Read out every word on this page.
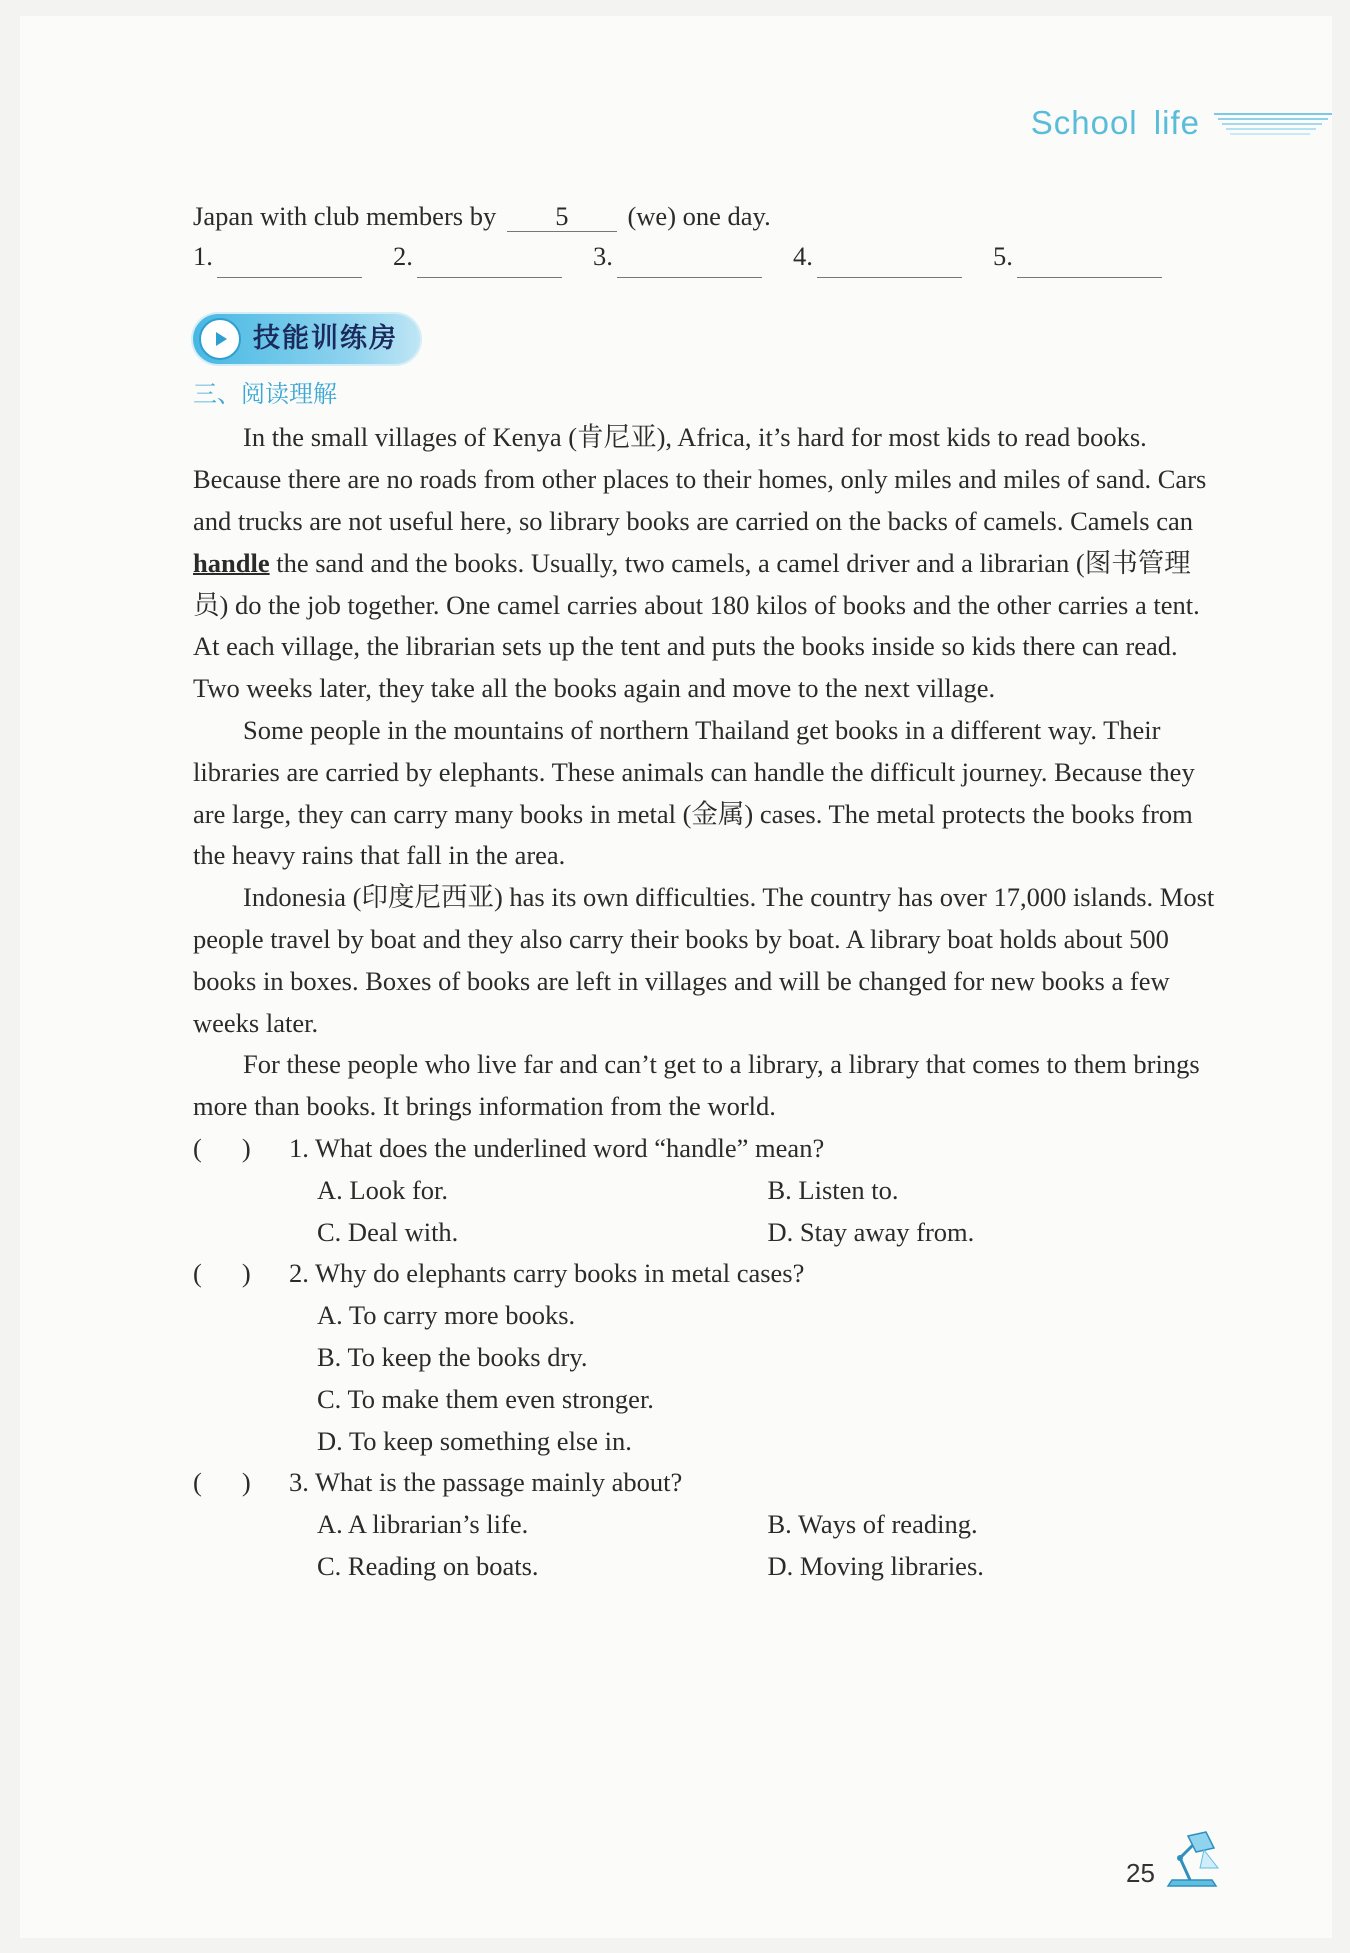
School life
Japan with club members by 5 (we) one day.
1.	2.	3.	4.	5.
技能训练房
三、阅读理解

In the small villages of Kenya (肯尼亚), Africa, it’s hard for most kids to read books. Because there are no roads from other places to their homes, only miles and miles of sand. Cars and trucks are not useful here, so library books are carried on the backs of camels. Camels can handle the sand and the books. Usually, two camels, a camel driver and a librarian (图书管理员) do the job together. One camel carries about 180 kilos of books and the other carries a tent. At each village, the librarian sets up the tent and puts the books inside so kids there can read. Two weeks later, they take all the books again and move to the next village.

Some people in the mountains of northern Thailand get books in a different way. Their libraries are carried by elephants. These animals can handle the difficult journey. Because they are large, they can carry many books in metal (金属) cases. The metal protects the books from the heavy rains that fall in the area.

Indonesia (印度尼西亚) has its own difficulties. The country has over 17,000 islands. Most people travel by boat and they also carry their books by boat. A library boat holds about 500 books in boxes. Boxes of books are left in villages and will be changed for new books a few weeks later.

For these people who live far and can’t get to a library, a library that comes to them brings more than books. It brings information from the world.

( )	1. What does the underlined word “handle” mean?
A. Look for.	B. Listen to.
C. Deal with.	D. Stay away from.
( )	2. Why do elephants carry books in metal cases?
A. To carry more books.
B. To keep the books dry.
C. To make them even stronger.
D. To keep something else in.
( )	3. What is the passage mainly about?
A. A librarian’s life.	B. Ways of reading.
C. Reading on boats.	D. Moving libraries.
25
